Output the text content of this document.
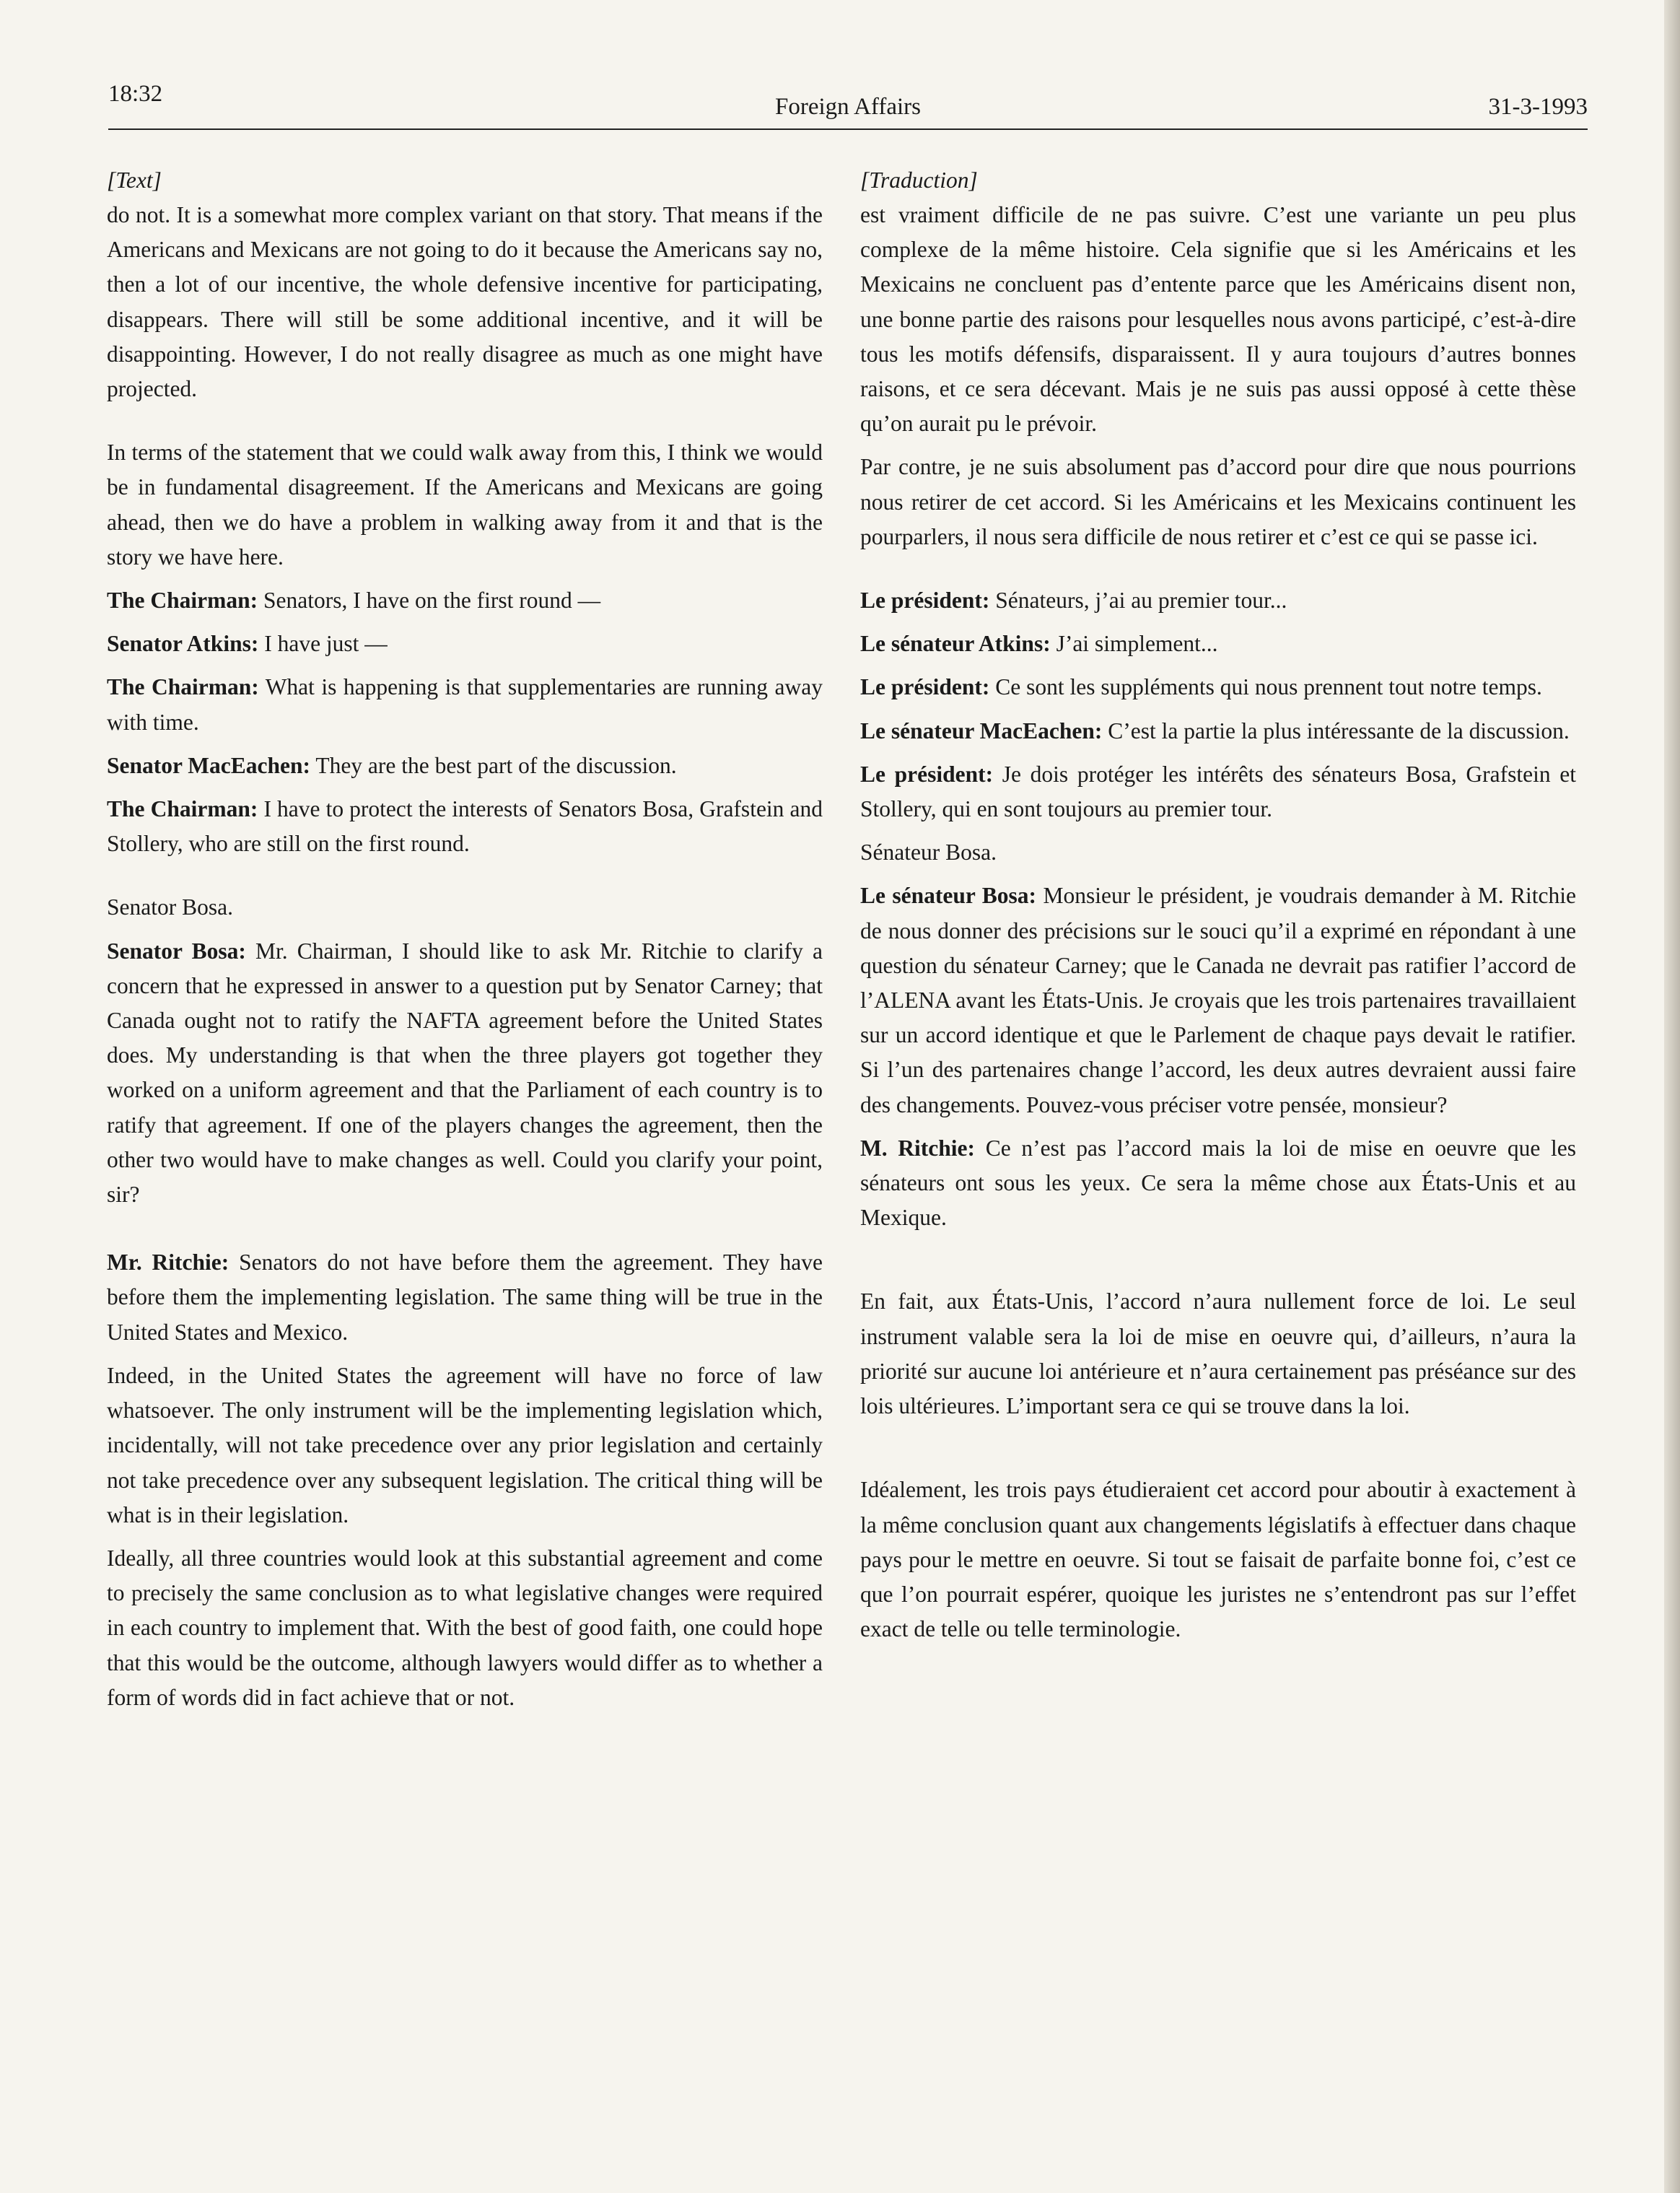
18:32	Foreign Affairs	31-3-1993

[Text]

do not. It is a somewhat more complex variant on that story. That means if the Americans and Mexicans are not going to do it because the Americans say no, then a lot of our incentive, the whole defensive incentive for participating, disappears. There will still be some additional incentive, and it will be disappointing. However, I do not really disagree as much as one might have projected.

In terms of the statement that we could walk away from this, I think we would be in fundamental disagreement. If the Americans and Mexicans are going ahead, then we do have a problem in walking away from it and that is the story we have here.

The Chairman: Senators, I have on the first round —

Senator Atkins: I have just —

The Chairman: What is happening is that supplementaries are running away with time.

Senator MacEachen: They are the best part of the discussion.

The Chairman: I have to protect the interests of Senators Bosa, Grafstein and Stollery, who are still on the first round.

Senator Bosa.

Senator Bosa: Mr. Chairman, I should like to ask Mr. Ritchie to clarify a concern that he expressed in answer to a question put by Senator Carney; that Canada ought not to ratify the NAFTA agreement before the United States does. My understanding is that when the three players got together they worked on a uniform agreement and that the Parliament of each country is to ratify that agreement. If one of the players changes the agreement, then the other two would have to make changes as well. Could you clarify your point, sir?

Mr. Ritchie: Senators do not have before them the agreement. They have before them the implementing legislation. The same thing will be true in the United States and Mexico.

Indeed, in the United States the agreement will have no force of law whatsoever. The only instrument will be the implementing legislation which, incidentally, will not take precedence over any prior legislation and certainly not take precedence over any subsequent legislation. The critical thing will be what is in their legislation.

Ideally, all three countries would look at this substantial agreement and come to precisely the same conclusion as to what legislative changes were required in each country to implement that. With the best of good faith, one could hope that this would be the outcome, although lawyers would differ as to whether a form of words did in fact achieve that or not.

[Traduction]

est vraiment difficile de ne pas suivre. C’est une variante un peu plus complexe de la même histoire. Cela signifie que si les Américains et les Mexicains ne concluent pas d’entente parce que les Américains disent non, une bonne partie des raisons pour lesquelles nous avons participé, c’est-à-dire tous les motifs défensifs, disparaissent. Il y aura toujours d’autres bonnes raisons, et ce sera décevant. Mais je ne suis pas aussi opposé à cette thèse qu’on aurait pu le prévoir.

Par contre, je ne suis absolument pas d’accord pour dire que nous pourrions nous retirer de cet accord. Si les Américains et les Mexicains continuent les pourparlers, il nous sera difficile de nous retirer et c’est ce qui se passe ici.

Le président: Sénateurs, j’ai au premier tour...

Le sénateur Atkins: J’ai simplement...

Le président: Ce sont les suppléments qui nous prennent tout notre temps.

Le sénateur MacEachen: C’est la partie la plus intéressante de la discussion.

Le président: Je dois protéger les intérêts des sénateurs Bosa, Grafstein et Stollery, qui en sont toujours au premier tour.

Sénateur Bosa.

Le sénateur Bosa: Monsieur le président, je voudrais demander à M. Ritchie de nous donner des précisions sur le souci qu’il a exprimé en répondant à une question du sénateur Carney; que le Canada ne devrait pas ratifier l’accord de l’ALENA avant les États-Unis. Je croyais que les trois partenaires travaillaient sur un accord identique et que le Parlement de chaque pays devait le ratifier. Si l’un des partenaires change l’accord, les deux autres devraient aussi faire des changements. Pouvez-vous préciser votre pensée, monsieur?

M. Ritchie: Ce n’est pas l’accord mais la loi de mise en oeuvre que les sénateurs ont sous les yeux. Ce sera la même chose aux États-Unis et au Mexique.

En fait, aux États-Unis, l’accord n’aura nullement force de loi. Le seul instrument valable sera la loi de mise en oeuvre qui, d’ailleurs, n’aura la priorité sur aucune loi antérieure et n’aura certainement pas préséance sur des lois ultérieures. L’important sera ce qui se trouve dans la loi.

Idéalement, les trois pays étudieraient cet accord pour aboutir à exactement à la même conclusion quant aux changements législatifs à effectuer dans chaque pays pour le mettre en oeuvre. Si tout se faisait de parfaite bonne foi, c’est ce que l’on pourrait espérer, quoique les juristes ne s’entendront pas sur l’effet exact de telle ou telle terminologie.
